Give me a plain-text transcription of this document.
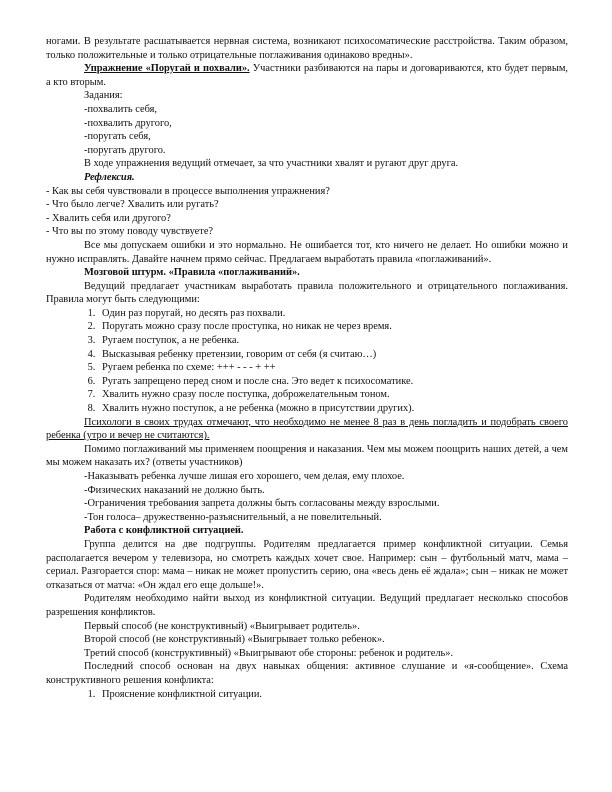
ногами. В результате расшатывается нервная система, возникают психосоматические расстройства. Таким образом, только положительные и только отрицательные поглаживания одинаково вредны».

Упражнение «Поругай и похвали». Участники разбиваются на пары и договариваются, кто будет первым, а кто вторым.

Задания:

-похвалить себя,

-похвалить другого,

-поругать себя,

-поругать другого.

В ходе упражнения ведущий отмечает, за что участники хвалят и ругают друг друга.

Рефлексия.

- Как вы себя чувствовали в процессе выполнения упражнения?

- Что было легче? Хвалить или ругать?

- Хвалить себя или другого?

- Что вы по этому поводу чувствуете?

Все мы допускаем ошибки и это нормально. Не ошибается тот, кто ничего не делает. Но ошибки можно и нужно исправлять. Давайте начнем прямо сейчас. Предлагаем выработать правила «поглаживаний».

Мозговой штурм. «Правила «поглаживаний».

Ведущий предлагает участникам выработать правила положительного и отрицательного поглаживания. Правила могут быть следующими:

1. Один раз поругай, но десять раз похвали.
2. Поругать можно сразу после проступка, но никак не через время.
3. Ругаем поступок, а не ребенка.
4. Высказывая ребенку претензии, говорим от себя (я считаю…)
5. Ругаем ребенка по схеме: +++ - - - + ++
6. Ругать запрещено перед сном и после сна. Это ведет к психосоматике.
7. Хвалить нужно сразу после поступка, доброжелательным тоном.
8. Хвалить нужно поступок, а не ребенка (можно в присутствии других).

Психологи в своих трудах отмечают, что необходимо не менее 8 раз в день погладить и подобрать своего ребенка (утро и вечер не считаются).

Помимо поглаживаний мы применяем поощрения и наказания. Чем мы можем поощрить наших детей, а чем мы можем наказать их? (ответы участников)

-Наказывать ребенка лучше лишая его хорошего, чем делая, ему плохое.

-Физических наказаний не должно быть.

-Ограничения требования запрета должны быть согласованы между взрослыми.

-Тон голоса– дружественно-разъяснительный, а не повелительный.

Работа с конфликтной ситуацией.

Группа делится на две подгруппы. Родителям предлагается пример конфликтной ситуации. Семья располагается вечером у телевизора, но смотреть каждых хочет свое. Например: сын – футбольный матч, мама – сериал. Разгорается спор: мама – никак не может пропустить серию, она «весь день её ждала»; сын – никак не может отказаться от матча: «Он ждал его еще дольше!».

Родителям необходимо найти выход из конфликтной ситуации. Ведущий предлагает несколько способов разрешения конфликтов.

Первый способ (не конструктивный) «Выигрывает родитель».

Второй способ (не конструктивный) «Выигрывает только ребенок».

Третий способ (конструктивный) «Выигрывают обе стороны: ребенок и родитель».

Последний способ основан на двух навыках общения: активное слушание и «я-сообщение». Схема конструктивного решения конфликта:

1. Прояснение конфликтной ситуации.
